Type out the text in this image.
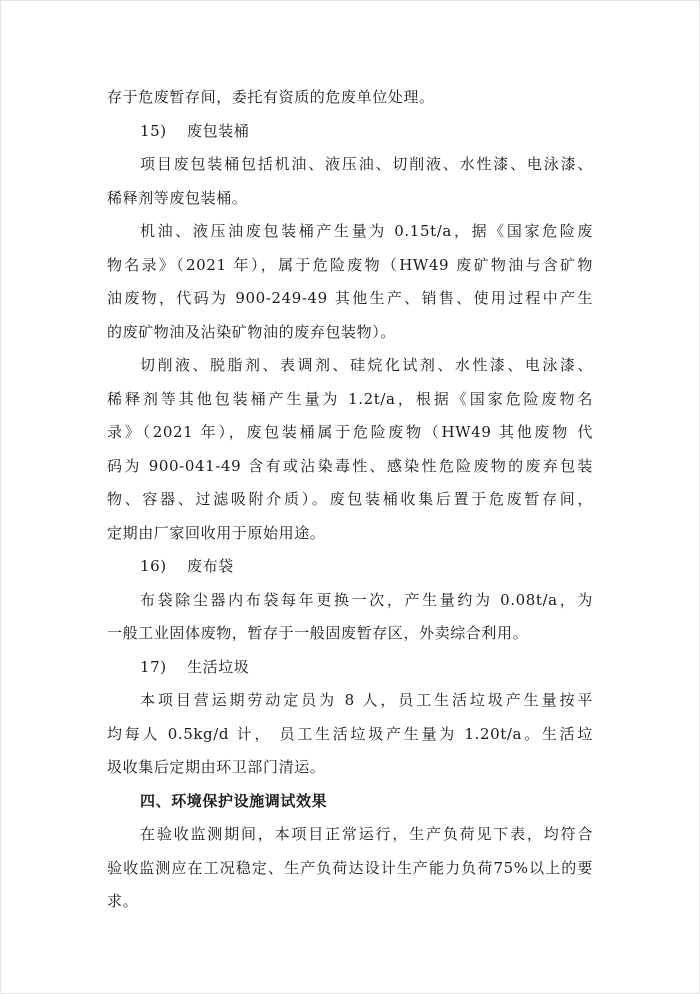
存于危废暂存间，委托有资质的危废单位处理。
15) 废包装桶
项目废包装桶包括机油、液压油、切削液、水性漆、电泳漆、
稀释剂等废包装桶。
机油、液压油废包装桶产生量为 0.15t/a，据《国家危险废
物名录》（2021 年），属于危险废物（HW49 废矿物油与含矿物
油废物，代码为 900-249-49 其他生产、销售、使用过程中产生
的废矿物油及沾染矿物油的废弃包装物）。
切削液、脱脂剂、表调剂、硅烷化试剂、水性漆、电泳漆、
稀释剂等其他包装桶产生量为 1.2t/a，根据《国家危险废物名
录》（2021 年），废包装桶属于危险废物（HW49 其他废物 代
码为 900-041-49 含有或沾染毒性、感染性危险废物的废弃包装
物、容器、过滤吸附介质）。废包装桶收集后置于危废暂存间，
定期由厂家回收用于原始用途。
16) 废布袋
布袋除尘器内布袋每年更换一次，产生量约为 0.08t/a，为
一般工业固体废物，暂存于一般固废暂存区，外卖综合利用。
17) 生活垃圾
本项目营运期劳动定员为 8 人，员工生活垃圾产生量按平
均每人 0.5kg/d 计， 员工生活垃圾产生量为 1.20t/a。生活垃
圾收集后定期由环卫部门清运。
四、环境保护设施调试效果
在验收监测期间，本项目正常运行，生产负荷见下表，均符合
验收监测应在工况稳定、生产负荷达设计生产能力负荷75%以上的要
求。
